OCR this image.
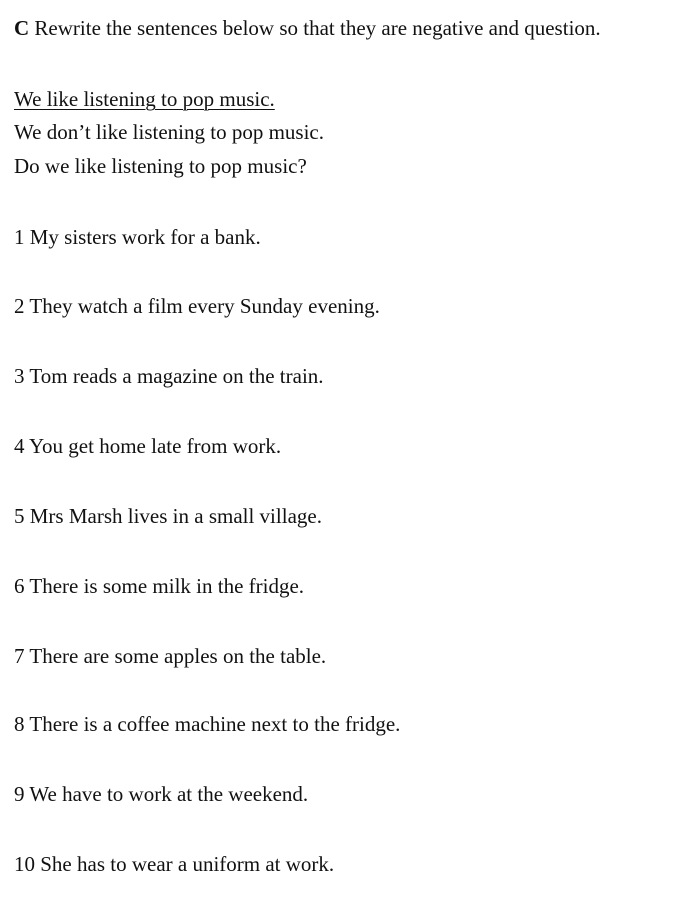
C Rewrite the sentences below so that they are negative and question.
We like listening to pop music.
We don’t like listening to pop music.
Do we like listening to pop music?
1 My sisters work for a bank.
2 They watch a film every Sunday evening.
3 Tom reads a magazine on the train.
4 You get home late from work.
5 Mrs Marsh lives in a small village.
6 There is some milk in the fridge.
7 There are some apples on the table.
8 There is a coffee machine next to the fridge.
9 We have to work at the weekend.
10 She has to wear a uniform at work.
